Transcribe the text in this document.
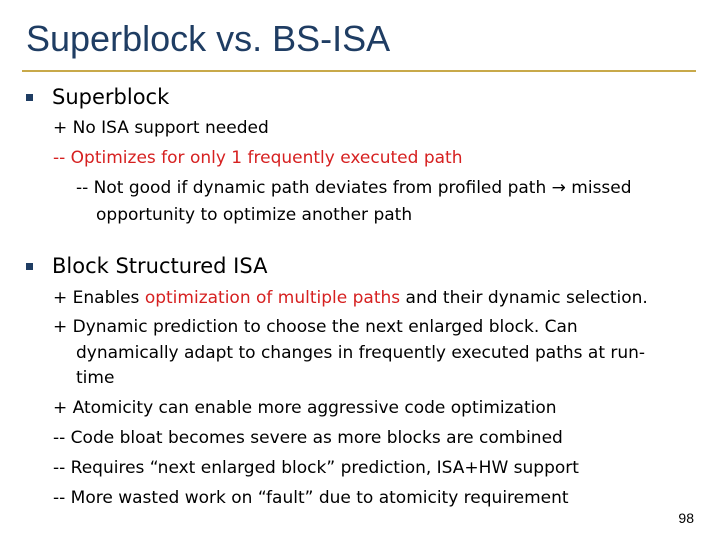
Superblock vs. BS-ISA
Superblock
+ No ISA support needed
-- Optimizes for only 1 frequently executed path
-- Not good if dynamic path deviates from profiled path → missed
opportunity to optimize another path
Block Structured ISA
+ Enables optimization of multiple paths and their dynamic selection.
+ Dynamic prediction to choose the next enlarged block. Can
dynamically adapt to changes in frequently executed paths at run-
time
+ Atomicity can enable more aggressive code optimization
-- Code bloat becomes severe as more blocks are combined
-- Requires “next enlarged block” prediction, ISA+HW support
-- More wasted work on “fault” due to atomicity requirement
98
